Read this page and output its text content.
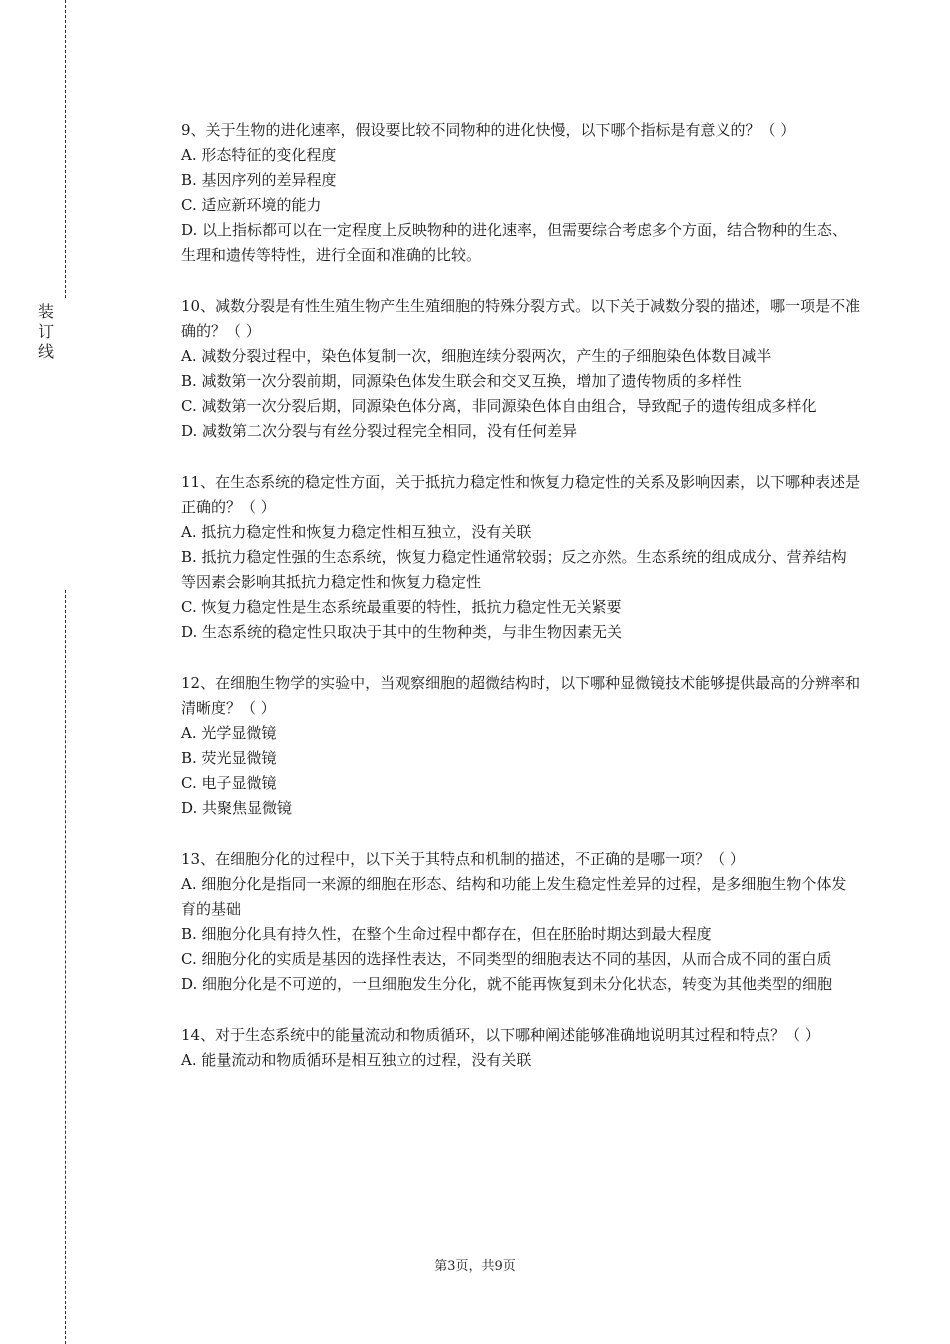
装
订
线

9、关于生物的进化速率，假设要比较不同物种的进化快慢，以下哪个指标是有意义的？（ ）

A. 形态特征的变化程度

B. 基因序列的差异程度

C. 适应新环境的能力

D. 以上指标都可以在一定程度上反映物种的进化速率，但需要综合考虑多个方面，结合物种的生态、生理和遗传等特性，进行全面和准确的比较。

10、减数分裂是有性生殖生物产生生殖细胞的特殊分裂方式。以下关于减数分裂的描述，哪一项是不准确的？（ ）

A. 减数分裂过程中，染色体复制一次，细胞连续分裂两次，产生的子细胞染色体数目减半

B. 减数第一次分裂前期，同源染色体发生联会和交叉互换，增加了遗传物质的多样性

C. 减数第一次分裂后期，同源染色体分离，非同源染色体自由组合，导致配子的遗传组成多样化

D. 减数第二次分裂与有丝分裂过程完全相同，没有任何差异

11、在生态系统的稳定性方面，关于抵抗力稳定性和恢复力稳定性的关系及影响因素，以下哪种表述是正确的？（ ）

A. 抵抗力稳定性和恢复力稳定性相互独立，没有关联

B. 抵抗力稳定性强的生态系统，恢复力稳定性通常较弱；反之亦然。生态系统的组成成分、营养结构等因素会影响其抵抗力稳定性和恢复力稳定性

C. 恢复力稳定性是生态系统最重要的特性，抵抗力稳定性无关紧要

D. 生态系统的稳定性只取决于其中的生物种类，与非生物因素无关

12、在细胞生物学的实验中，当观察细胞的超微结构时，以下哪种显微镜技术能够提供最高的分辨率和清晰度？（ ）

A. 光学显微镜

B. 荧光显微镜

C. 电子显微镜

D. 共聚焦显微镜

13、在细胞分化的过程中，以下关于其特点和机制的描述，不正确的是哪一项？（ ）

A. 细胞分化是指同一来源的细胞在形态、结构和功能上发生稳定性差异的过程，是多细胞生物个体发育的基础

B. 细胞分化具有持久性，在整个生命过程中都存在，但在胚胎时期达到最大程度

C. 细胞分化的实质是基因的选择性表达，不同类型的细胞表达不同的基因，从而合成不同的蛋白质

D. 细胞分化是不可逆的，一旦细胞发生分化，就不能再恢复到未分化状态，转变为其他类型的细胞

14、对于生态系统中的能量流动和物质循环，以下哪种阐述能够准确地说明其过程和特点？（ ）

A. 能量流动和物质循环是相互独立的过程，没有关联

第3页，共9页
